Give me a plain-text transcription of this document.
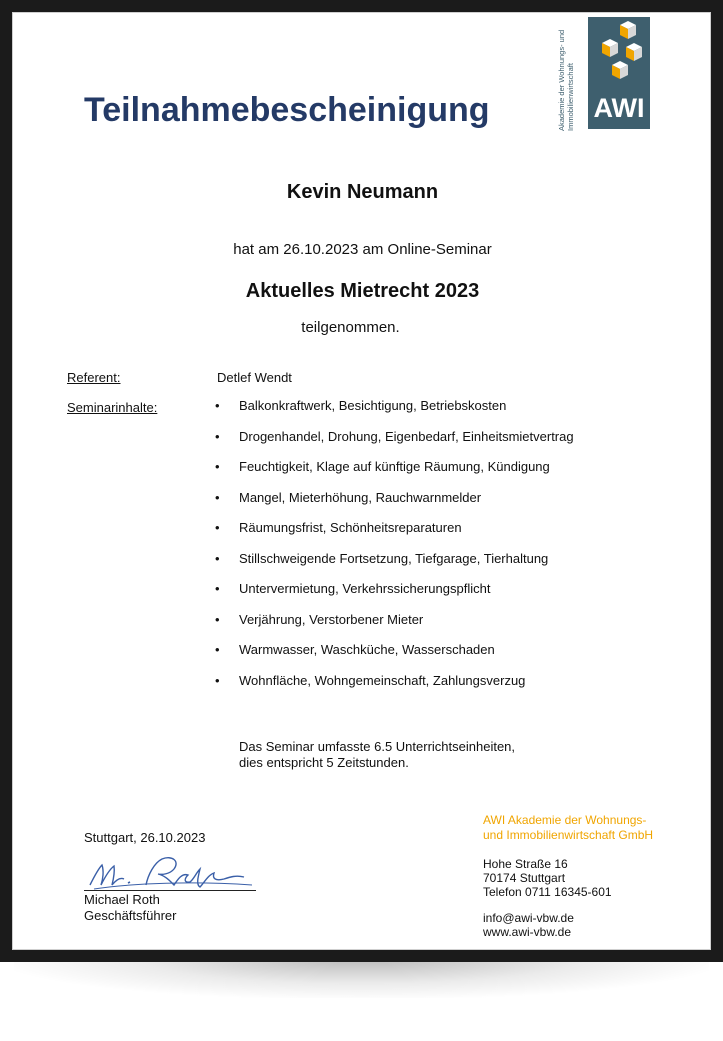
Teilnahmebescheinigung	Akademie der Wohnungs- und Immobilienwirtschaft AWI
Kevin Neumann
hat am 26.10.2023 am Online-Seminar
Aktuelles Mietrecht 2023
teilgenommen.
Referent:	Detlef Wendt
Seminarinhalte:	• Balkonkraftwerk, Besichtigung, Betriebskosten
• Drogenhandel, Drohung, Eigenbedarf, Einheitsmietvertrag
• Feuchtigkeit, Klage auf künftige Räumung, Kündigung
• Mangel, Mieterhöhung, Rauchwarnmelder
• Räumungsfrist, Schönheitsreparaturen
• Stillschweigende Fortsetzung, Tiefgarage, Tierhaltung
• Untervermietung, Verkehrssicherungspflicht
• Verjährung, Verstorbener Mieter
• Warmwasser, Waschküche, Wasserschaden
• Wohnfläche, Wohngemeinschaft, Zahlungsverzug
Das Seminar umfasste 6.5 Unterrichtseinheiten,
dies entspricht 5 Zeitstunden.
Stuttgart, 26.10.2023
Michael Roth
Geschäftsführer
AWI Akademie der Wohnungs-
und Immobilienwirtschaft GmbH
Hohe Straße 16
70174 Stuttgart
Telefon 0711 16345-601
info@awi-vbw.de
www.awi-vbw.de
